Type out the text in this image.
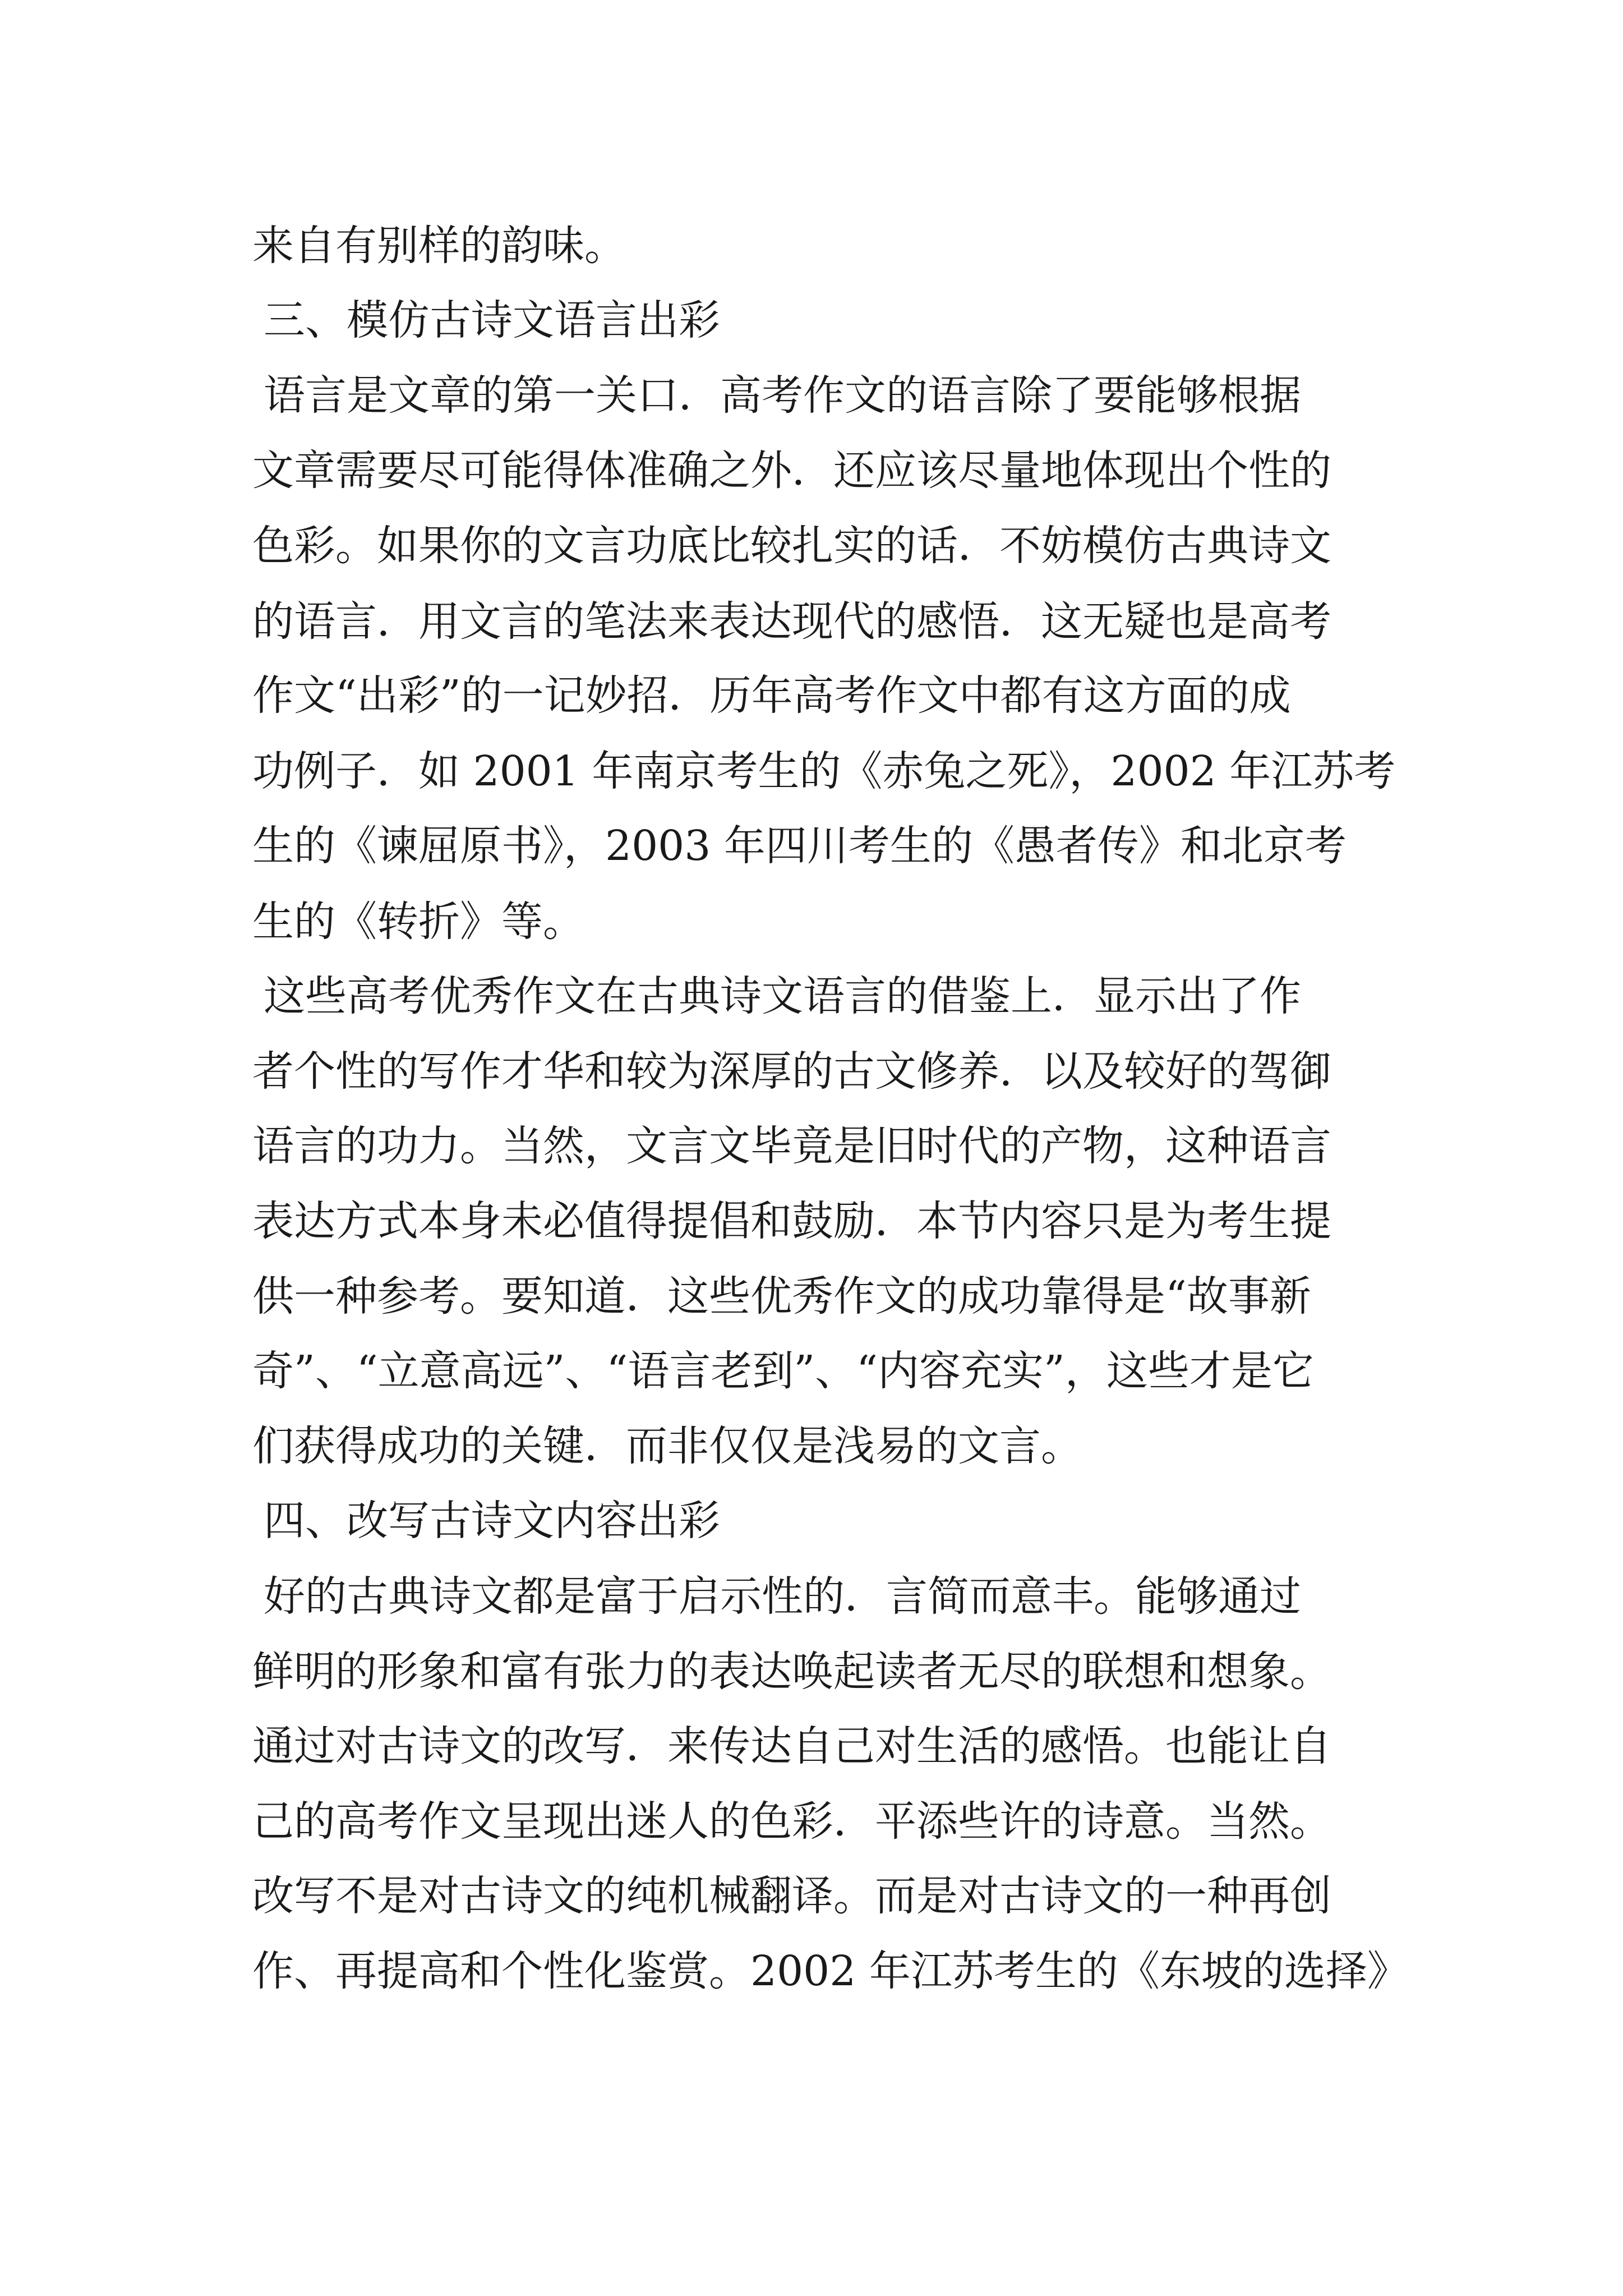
来自有别样的韵味。
三、模仿古诗文语言出彩
语言是文章的第一关口．高考作文的语言除了要能够根据
文章需要尽可能得体准确之外．还应该尽量地体现出个性的
色彩。如果你的文言功底比较扎实的话．不妨模仿古典诗文
的语言．用文言的笔法来表达现代的感悟．这无疑也是高考
作文“出彩”的一记妙招．历年高考作文中都有这方面的成
功例子．如 2001 年南京考生的《赤兔之死》，2002 年江苏考
生的《谏屈原书》，2003 年四川考生的《愚者传》和北京考
生的《转折》等。
这些高考优秀作文在古典诗文语言的借鉴上．显示出了作
者个性的写作才华和较为深厚的古文修养．以及较好的驾御
语言的功力。当然，文言文毕竟是旧时代的产物，这种语言
表达方式本身未必值得提倡和鼓励．本节内容只是为考生提
供一种参考。要知道．这些优秀作文的成功靠得是“故事新
奇”、“立意高远”、“语言老到”、“内容充实”，这些才是它
们获得成功的关键．而非仅仅是浅易的文言。
四、改写古诗文内容出彩
好的古典诗文都是富于启示性的．言简而意丰。能够通过
鲜明的形象和富有张力的表达唤起读者无尽的联想和想象。
通过对古诗文的改写．来传达自己对生活的感悟。也能让自
己的高考作文呈现出迷人的色彩．平添些许的诗意。当然。
改写不是对古诗文的纯机械翻译。而是对古诗文的一种再创
作、再提高和个性化鉴赏。2002 年江苏考生的《东坡的选择》
